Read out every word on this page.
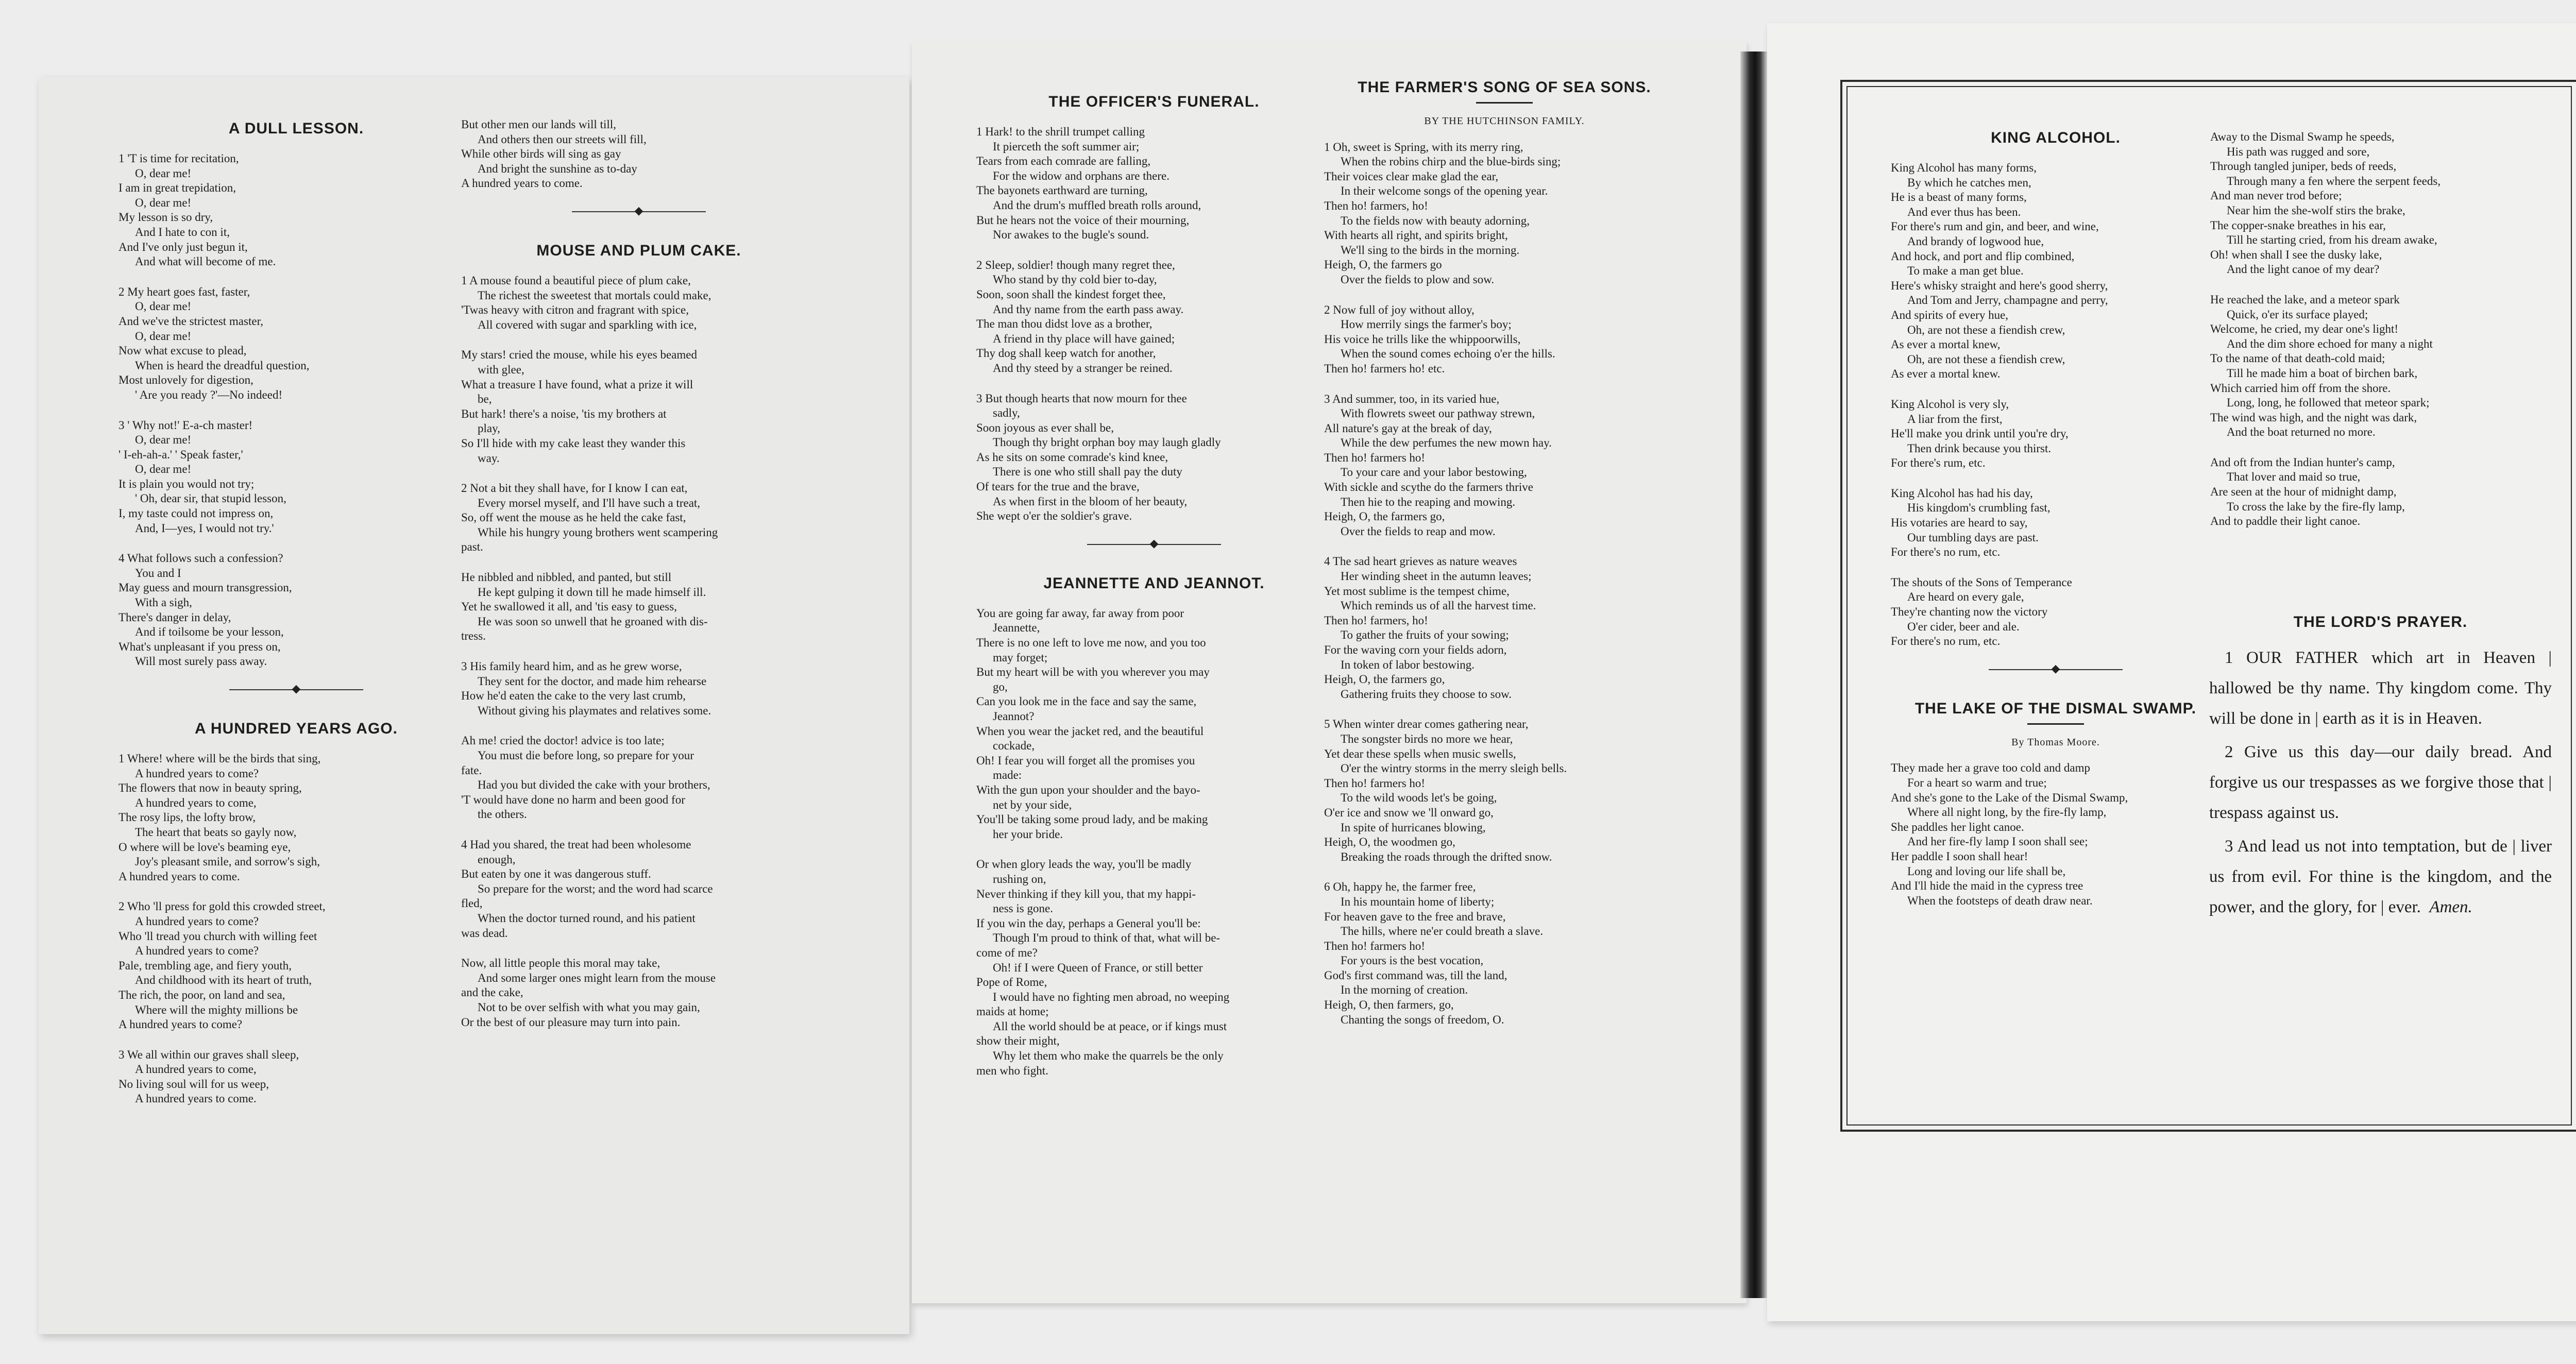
A DULL LESSON.
1 'T is time for recitation,
O, dear me!
I am in great trepidation,
O, dear me!
My lesson is so dry,
And I hate to con it,
And I've only just begun it,
And what will become of me.
2 My heart goes fast, faster,
O, dear me!
And we've the strictest master,
O, dear me!
Now what excuse to plead,
When is heard the dreadful question,
Most unlovely for digestion,
' Are you ready ?'—No indeed!
3 ' Why not!' E-a-ch master!
O, dear me!
' I-eh-ah-a.' ' Speak faster,'
O, dear me!
It is plain you would not try;
' Oh, dear sir, that stupid lesson,
I, my taste could not impress on,
And, I—yes, I would not try.'
4 What follows such a confession?
You and I
May guess and mourn transgression,
With a sigh,
There's danger in delay,
And if toilsome be your lesson,
What's unpleasant if you press on,
Will most surely pass away.
◆
A HUNDRED YEARS AGO.
1 Where! where will be the birds that sing,
A hundred years to come?
The flowers that now in beauty spring,
A hundred years to come,
The rosy lips, the lofty brow,
The heart that beats so gayly now,
O where will be love's beaming eye,
Joy's pleasant smile, and sorrow's sigh,
A hundred years to come.
2 Who 'll press for gold this crowded street,
A hundred years to come?
Who 'll tread you church with willing feet
A hundred years to come?
Pale, trembling age, and fiery youth,
And childhood with its heart of truth,
The rich, the poor, on land and sea,
Where will the mighty millions be
A hundred years to come?
3 We all within our graves shall sleep,
A hundred years to come,
No living soul will for us weep,
A hundred years to come.
But other men our lands will till,
And others then our streets will fill,
While other birds will sing as gay
And bright the sunshine as to-day
A hundred years to come.
◆
MOUSE AND PLUM CAKE.
1 A mouse found a beautiful piece of plum cake,
The richest the sweetest that mortals could make,
'Twas heavy with citron and fragrant with spice,
All covered with sugar and sparkling with ice,
My stars! cried the mouse, while his eyes beamed
with glee,
What a treasure I have found, what a prize it will
be,
But hark! there's a noise, 'tis my brothers at
play,
So I'll hide with my cake least they wander this
way.
2 Not a bit they shall have, for I know I can eat,
Every morsel myself, and I'll have such a treat,
So, off went the mouse as he held the cake fast,
While his hungry young brothers went scampering
past.
He nibbled and nibbled, and panted, but still
He kept gulping it down till he made himself ill.
Yet he swallowed it all, and 'tis easy to guess,
He was soon so unwell that he groaned with dis-
tress.
3 His family heard him, and as he grew worse,
They sent for the doctor, and made him rehearse
How he'd eaten the cake to the very last crumb,
Without giving his playmates and relatives some.
Ah me! cried the doctor! advice is too late;
You must die before long, so prepare for your
fate.
Had you but divided the cake with your brothers,
'T would have done no harm and been good for
the others.
4 Had you shared, the treat had been wholesome
enough,
But eaten by one it was dangerous stuff.
So prepare for the worst; and the word had scarce
fled,
When the doctor turned round, and his patient
was dead.
Now, all little people this moral may take,
And some larger ones might learn from the mouse
and the cake,
Not to be over selfish with what you may gain,
Or the best of our pleasure may turn into pain.
THE OFFICER'S FUNERAL.
1 Hark! to the shrill trumpet calling
It pierceth the soft summer air;
Tears from each comrade are falling,
For the widow and orphans are there.
The bayonets earthward are turning,
And the drum's muffled breath rolls around,
But he hears not the voice of their mourning,
Nor awakes to the bugle's sound.
2 Sleep, soldier! though many regret thee,
Who stand by thy cold bier to-day,
Soon, soon shall the kindest forget thee,
And thy name from the earth pass away.
The man thou didst love as a brother,
A friend in thy place will have gained;
Thy dog shall keep watch for another,
And thy steed by a stranger be reined.
3 But though hearts that now mourn for thee
sadly,
Soon joyous as ever shall be,
Though thy bright orphan boy may laugh gladly
As he sits on some comrade's kind knee,
There is one who still shall pay the duty
Of tears for the true and the brave,
As when first in the bloom of her beauty,
She wept o'er the soldier's grave.
◆
JEANNETTE AND JEANNOT.
You are going far away, far away from poor
Jeannette,
There is no one left to love me now, and you too
may forget;
But my heart will be with you wherever you may
go,
Can you look me in the face and say the same,
Jeannot?
When you wear the jacket red, and the beautiful
cockade,
Oh! I fear you will forget all the promises you
made:
With the gun upon your shoulder and the bayo-
net by your side,
You'll be taking some proud lady, and be making
her your bride.
Or when glory leads the way, you'll be madly
rushing on,
Never thinking if they kill you, that my happi-
ness is gone.
If you win the day, perhaps a General you'll be:
Though I'm proud to think of that, what will be-
come of me?
Oh! if I were Queen of France, or still better
Pope of Rome,
I would have no fighting men abroad, no weeping
maids at home;
All the world should be at peace, or if kings must
show their might,
Why let them who make the quarrels be the only
men who fight.
THE FARMER'S SONG OF SEA SONS.
BY THE HUTCHINSON FAMILY.
1 Oh, sweet is Spring, with its merry ring,
When the robins chirp and the blue-birds sing;
Their voices clear make glad the ear,
In their welcome songs of the opening year.
Then ho! farmers, ho!
To the fields now with beauty adorning,
With hearts all right, and spirits bright,
We'll sing to the birds in the morning.
Heigh, O, the farmers go
Over the fields to plow and sow.
2 Now full of joy without alloy,
How merrily sings the farmer's boy;
His voice he trills like the whippoorwills,
When the sound comes echoing o'er the hills.
Then ho! farmers ho! etc.
3 And summer, too, in its varied hue,
With flowrets sweet our pathway strewn,
All nature's gay at the break of day,
While the dew perfumes the new mown hay.
Then ho! farmers ho!
To your care and your labor bestowing,
With sickle and scythe do the farmers thrive
Then hie to the reaping and mowing.
Heigh, O, the farmers go,
Over the fields to reap and mow.
4 The sad heart grieves as nature weaves
Her winding sheet in the autumn leaves;
Yet most sublime is the tempest chime,
Which reminds us of all the harvest time.
Then ho! farmers, ho!
To gather the fruits of your sowing;
For the waving corn your fields adorn,
In token of labor bestowing.
Heigh, O, the farmers go,
Gathering fruits they choose to sow.
5 When winter drear comes gathering near,
The songster birds no more we hear,
Yet dear these spells when music swells,
O'er the wintry storms in the merry sleigh bells.
Then ho! farmers ho!
To the wild woods let's be going,
O'er ice and snow we 'll onward go,
In spite of hurricanes blowing,
Heigh, O, the woodmen go,
Breaking the roads through the drifted snow.
6 Oh, happy he, the farmer free,
In his mountain home of liberty;
For heaven gave to the free and brave,
The hills, where ne'er could breath a slave.
Then ho! farmers ho!
For yours is the best vocation,
God's first command was, till the land,
In the morning of creation.
Heigh, O, then farmers, go,
Chanting the songs of freedom, O.
KING ALCOHOL.
King Alcohol has many forms,
By which he catches men,
He is a beast of many forms,
And ever thus has been.
For there's rum and gin, and beer, and wine,
And brandy of logwood hue,
And hock, and port and flip combined,
To make a man get blue.
Here's whisky straight and here's good sherry,
And Tom and Jerry, champagne and perry,
And spirits of every hue,
Oh, are not these a fiendish crew,
As ever a mortal knew,
Oh, are not these a fiendish crew,
As ever a mortal knew.
King Alcohol is very sly,
A liar from the first,
He'll make you drink until you're dry,
Then drink because you thirst.
For there's rum, etc.
King Alcohol has had his day,
His kingdom's crumbling fast,
His votaries are heard to say,
Our tumbling days are past.
For there's no rum, etc.
The shouts of the Sons of Temperance
Are heard on every gale,
They're chanting now the victory
O'er cider, beer and ale.
For there's no rum, etc.
◆
THE LAKE OF THE DISMAL SWAMP.
By Thomas Moore.
They made her a grave too cold and damp
For a heart so warm and true;
And she's gone to the Lake of the Dismal Swamp,
Where all night long, by the fire-fly lamp,
She paddles her light canoe.
And her fire-fly lamp I soon shall see;
Her paddle I soon shall hear!
Long and loving our life shall be,
And I'll hide the maid in the cypress tree
When the footsteps of death draw near.
Away to the Dismal Swamp he speeds,
His path was rugged and sore,
Through tangled juniper, beds of reeds,
Through many a fen where the serpent feeds,
And man never trod before;
Near him the she-wolf stirs the brake,
The copper-snake breathes in his ear,
Till he starting cried, from his dream awake,
Oh! when shall I see the dusky lake,
And the light canoe of my dear?
He reached the lake, and a meteor spark
Quick, o'er its surface played;
Welcome, he cried, my dear one's light!
And the dim shore echoed for many a night
To the name of that death-cold maid;
Till he made him a boat of birchen bark,
Which carried him off from the shore.
Long, long, he followed that meteor spark;
The wind was high, and the night was dark,
And the boat returned no more.
And oft from the Indian hunter's camp,
That lover and maid so true,
Are seen at the hour of midnight damp,
To cross the lake by the fire-fly lamp,
And to paddle their light canoe.
THE LORD'S PRAYER.

1 OUR FATHER which art in Heaven | hallowed be thy name. Thy kingdom come. Thy will be done in | earth as it is in Heaven.

2 Give us this day—our daily bread. And forgive us our trespasses as we forgive those that | trespass against us.

3 And lead us not into temptation, but de | liver us from evil. For thine is the kingdom, and the power, and the glory, for | ever. Amen.
